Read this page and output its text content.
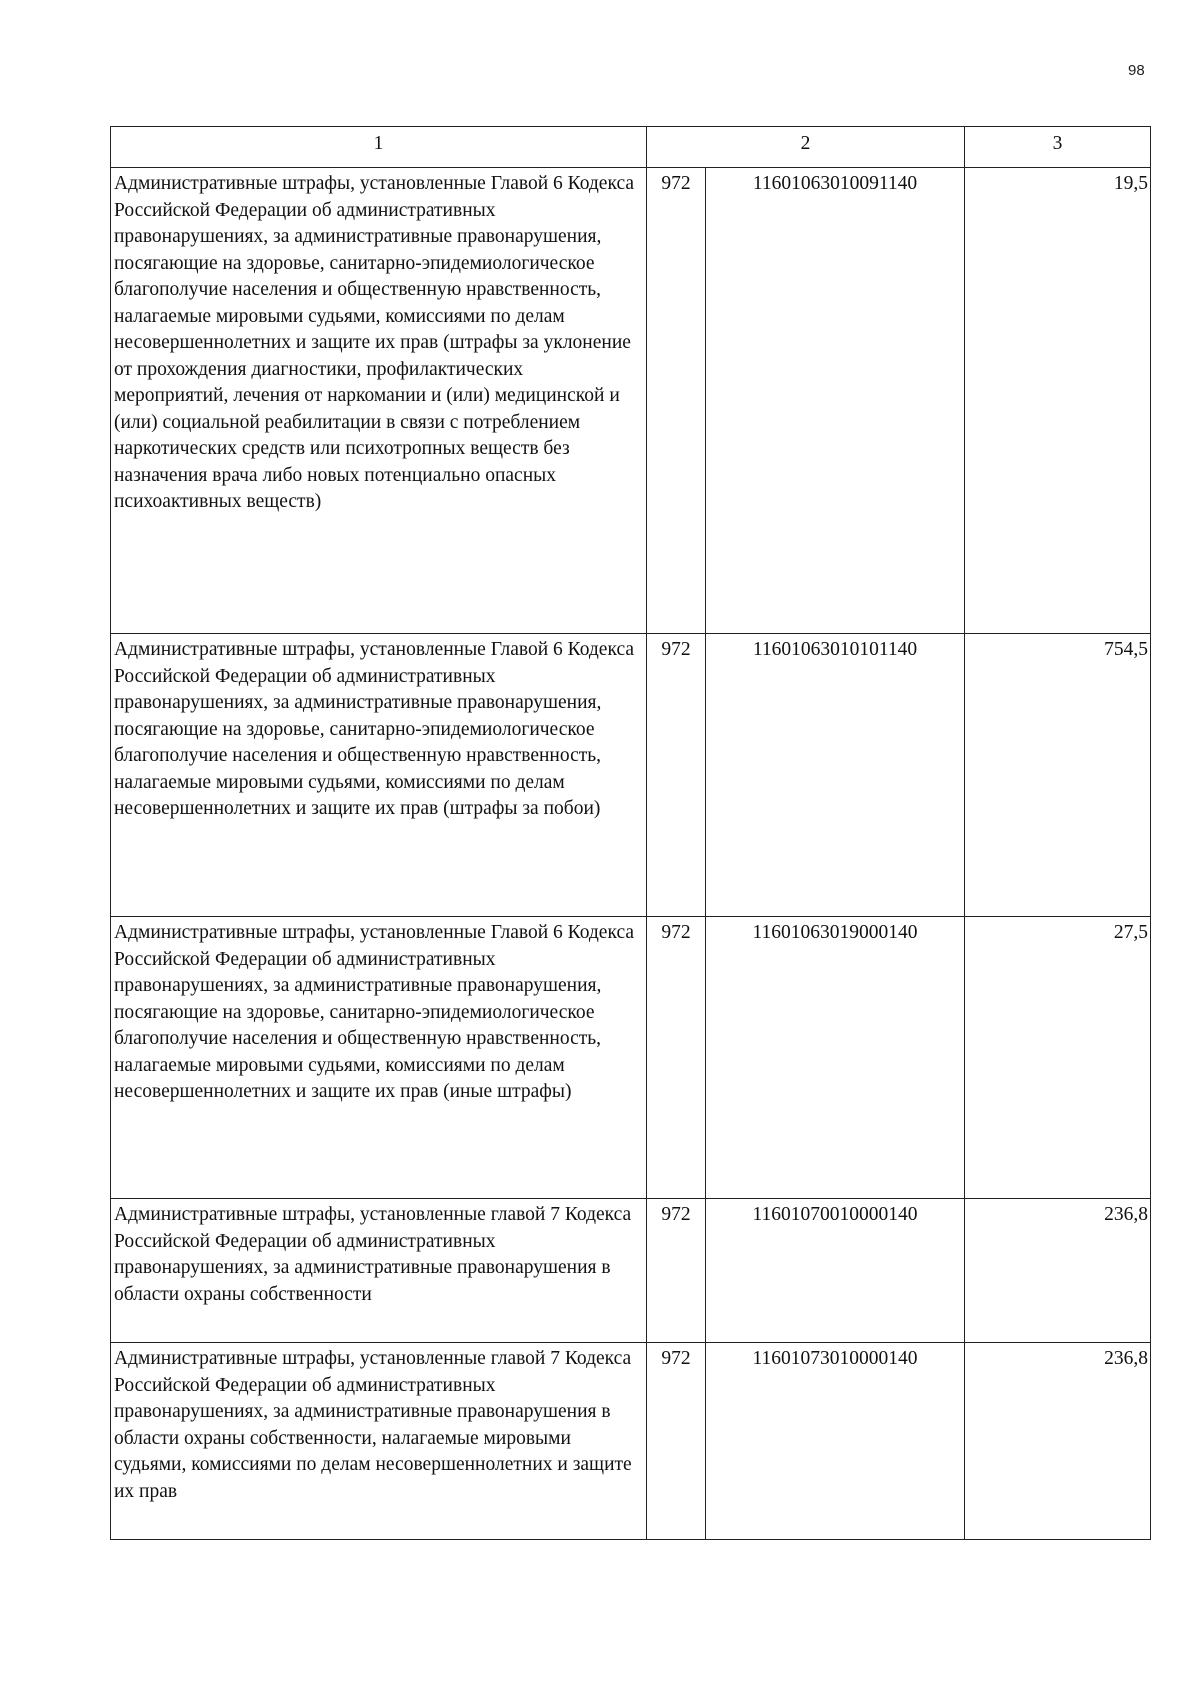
98
1	2		3
Административные штрафы, установленные Главой 6 Кодекса Российской Федерации об административных правонарушениях, за административные правонарушения, посягающие на здоровье, санитарно-эпидемиологическое благополучие населения и общественную нравственность, налагаемые мировыми судьями, комиссиями по делам несовершеннолетних и защите их прав (штрафы за уклонение от прохождения диагностики, профилактических мероприятий, лечения от наркомании и (или) медицинской и (или) социальной реабилитации в связи с потреблением наркотических средств или психотропных веществ без назначения врача либо новых потенциально опасных психоактивных веществ)	972	11601063010091140	19,5
Административные штрафы, установленные Главой 6 Кодекса Российской Федерации об административных правонарушениях, за административные правонарушения, посягающие на здоровье, санитарно-эпидемиологическое благополучие населения и общественную нравственность, налагаемые мировыми судьями, комиссиями по делам несовершеннолетних и защите их прав (штрафы за побои)	972	11601063010101140	754,5
Административные штрафы, установленные Главой 6 Кодекса Российской Федерации об административных правонарушениях, за административные правонарушения, посягающие на здоровье, санитарно-эпидемиологическое благополучие населения и общественную нравственность, налагаемые мировыми судьями, комиссиями по делам несовершеннолетних и защите их прав (иные штрафы)	972	11601063019000140	27,5
Административные штрафы, установленные главой 7 Кодекса Российской Федерации об административных правонарушениях, за административные правонарушения в области охраны собственности	972	11601070010000140	236,8
Административные штрафы, установленные главой 7 Кодекса Российской Федерации об административных правонарушениях, за административные правонарушения в области охраны собственности, налагаемые мировыми судьями, комиссиями по делам несовершеннолетних и защите их прав	972	11601073010000140	236,8
